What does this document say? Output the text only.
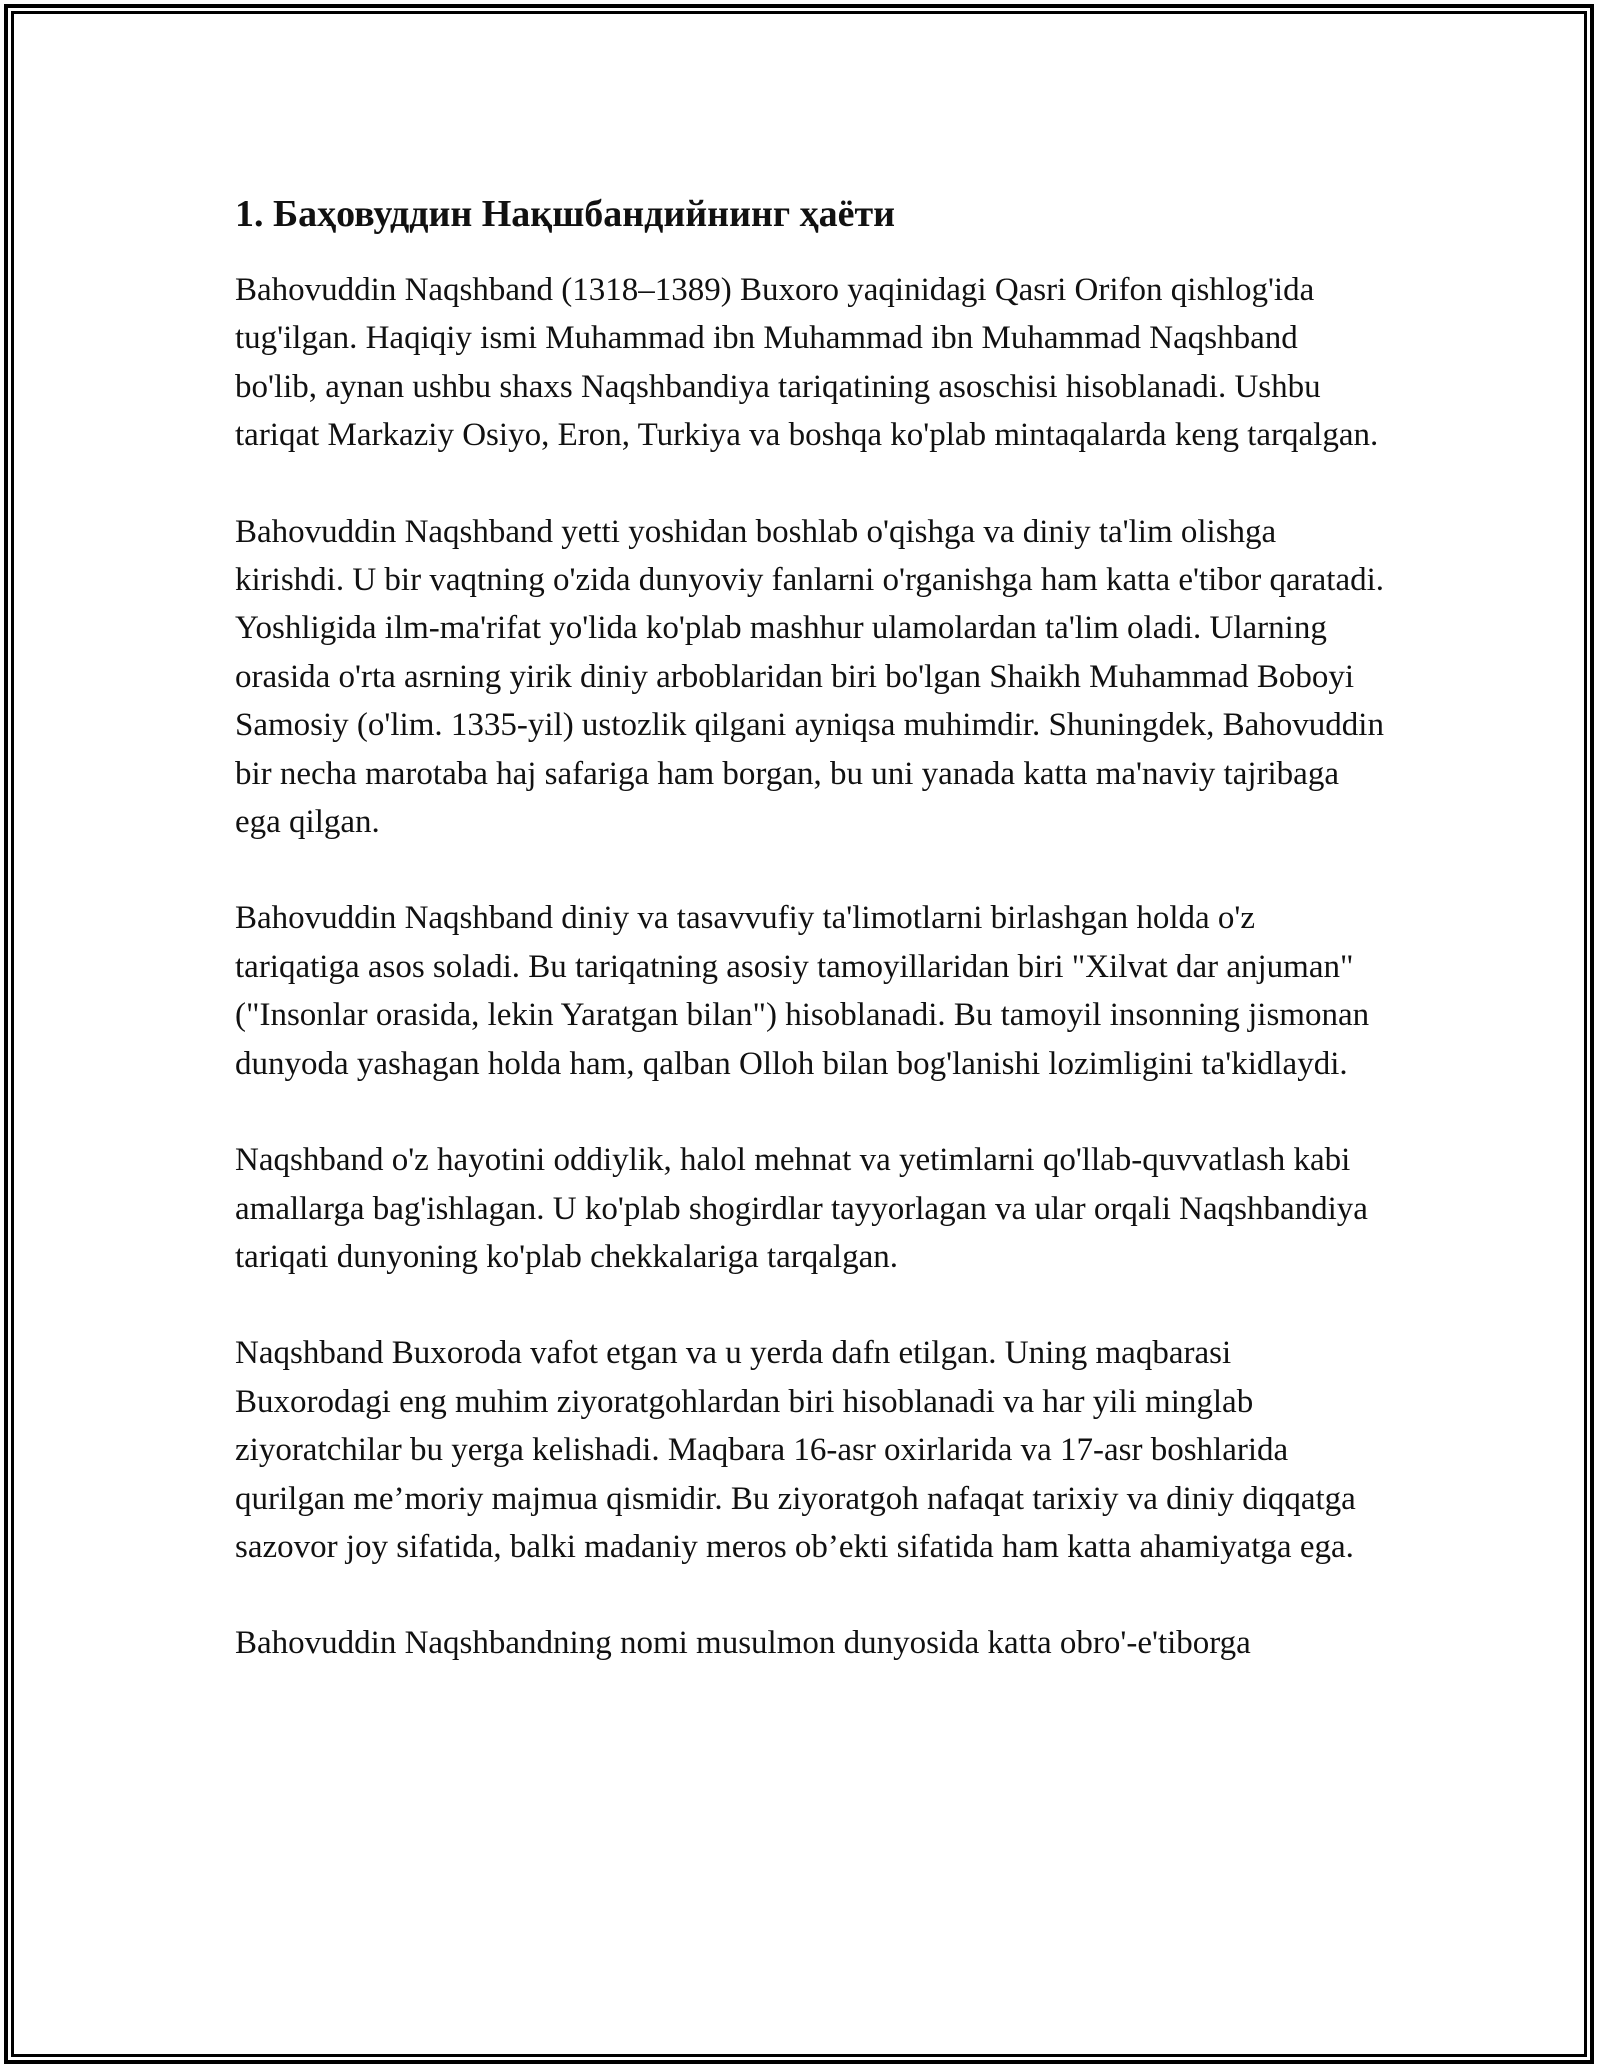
1. Баҳовуддин Нақшбандийнинг ҳаёти

Bahovuddin Naqshband (1318–1389) Buxoro yaqinidagi Qasri Orifon qishlog'ida tug'ilgan. Haqiqiy ismi Muhammad ibn Muhammad ibn Muhammad Naqshband bo'lib, aynan ushbu shaxs Naqshbandiya tariqatining asoschisi hisoblanadi. Ushbu tariqat Markaziy Osiyo, Eron, Turkiya va boshqa ko'plab mintaqalarda keng tarqalgan.

Bahovuddin Naqshband yetti yoshidan boshlab o'qishga va diniy ta'lim olishga kirishdi. U bir vaqtning o'zida dunyoviy fanlarni o'rganishga ham katta e'tibor qaratadi. Yoshligida ilm-ma'rifat yo'lida ko'plab mashhur ulamolardan ta'lim oladi. Ularning orasida o'rta asrning yirik diniy arboblaridan biri bo'lgan Shaikh Muhammad Boboyi Samosiy (o'lim. 1335-yil) ustozlik qilgani ayniqsa muhimdir. Shuningdek, Bahovuddin bir necha marotaba haj safariga ham borgan, bu uni yanada katta ma'naviy tajribaga ega qilgan.

Bahovuddin Naqshband diniy va tasavvufiy ta'limotlarni birlashgan holda o'z tariqatiga asos soladi. Bu tariqatning asosiy tamoyillaridan biri "Xilvat dar anjuman" ("Insonlar orasida, lekin Yaratgan bilan") hisoblanadi. Bu tamoyil insonning jismonan dunyoda yashagan holda ham, qalban Olloh bilan bog'lanishi lozimligini ta'kidlaydi.

Naqshband o'z hayotini oddiylik, halol mehnat va yetimlarni qo'llab-quvvatlash kabi amallarga bag'ishlagan. U ko'plab shogirdlar tayyorlagan va ular orqali Naqshbandiya tariqati dunyoning ko'plab chekkalariga tarqalgan.

Naqshband Buxoroda vafot etgan va u yerda dafn etilgan. Uning maqbarasi Buxorodagi eng muhim ziyoratgohlardan biri hisoblanadi va har yili minglab ziyoratchilar bu yerga kelishadi. Maqbara 16-asr oxirlarida va 17-asr boshlarida qurilgan me’moriy majmua qismidir. Bu ziyoratgoh nafaqat tarixiy va diniy diqqatga sazovor joy sifatida, balki madaniy meros ob’ekti sifatida ham katta ahamiyatga ega.

Bahovuddin Naqshbandning nomi musulmon dunyosida katta obro'-e'tiborga
